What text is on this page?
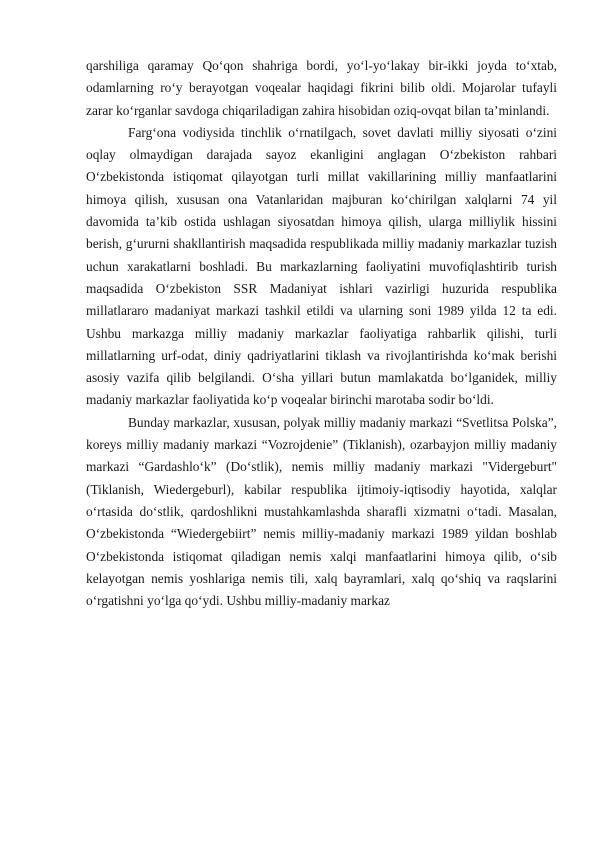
qarshiliga qaramay Qo‘qon shahriga bordi, yo‘l-yo‘lakay bir-ikki joyda to‘xtab, odamlarning ro‘y berayotgan voqealar haqidagi fikrini bilib oldi. Mojarolar tufayli zarar ko‘rganlar savdoga chiqariladigan zahira hisobidan oziq-ovqat bilan ta’minlandi.

Farg‘ona vodiysida tinchlik o‘rnatilgach, sovet davlati milliy siyosati o‘zini oqlay olmaydigan darajada sayoz ekanligini anglagan O‘zbekiston rahbari O‘zbekistonda istiqomat qilayotgan turli millat vakillarining milliy manfaatlarini himoya qilish, xususan ona Vatanlaridan majburan ko‘chirilgan xalqlarni 74 yil davomida ta’kib ostida ushlagan siyosatdan himoya qilish, ularga milliylik hissini berish, g‘ururni shakllantirish maqsadida respublikada milliy madaniy markazlar tuzish uchun xarakatlarni boshladi. Bu markazlarning faoliyatini muvofiqlashtirib turish maqsadida O‘zbekiston SSR Madaniyat ishlari vazirligi huzurida respublika millatlararo madaniyat markazi tashkil etildi va ularning soni 1989 yilda 12 ta edi. Ushbu markazga milliy madaniy markazlar faoliyatiga rahbarlik qilishi, turli millatlarning urf-odat, diniy qadriyatlarini tiklash va rivojlantirishda ko‘mak berishi asosiy vazifa qilib belgilandi. O‘sha yillari butun mamlakatda bo‘lganidek, milliy madaniy markazlar faoliyatida ko‘p voqealar birinchi marotaba sodir bo‘ldi.

Bunday markazlar, xususan, polyak milliy madaniy markazi “Svetlitsa Polska”, koreys milliy madaniy markazi “Vozrojdenie” (Tiklanish), ozarbayjon milliy madaniy markazi “Gardashlo‘k” (Do‘stlik), nemis milliy madaniy markazi "Vidergeburt" (Tiklanish, Wiedergeburl), kabilar respublika ijtimoiy-iqtisodiy hayotida, xalqlar o‘rtasida do‘stlik, qardoshlikni mustahkamlashda sharafli xizmatni o‘tadi. Masalan, O‘zbekistonda “Wiedergebiirt” nemis milliy-madaniy markazi 1989 yildan boshlab O‘zbekistonda istiqomat qiladigan nemis xalqi manfaatlarini himoya qilib, o‘sib kelayotgan nemis yoshlariga nemis tili, xalq bayramlari, xalq qo‘shiq va raqslarini o‘rgatishni yo‘lga qo‘ydi. Ushbu milliy-madaniy markaz
